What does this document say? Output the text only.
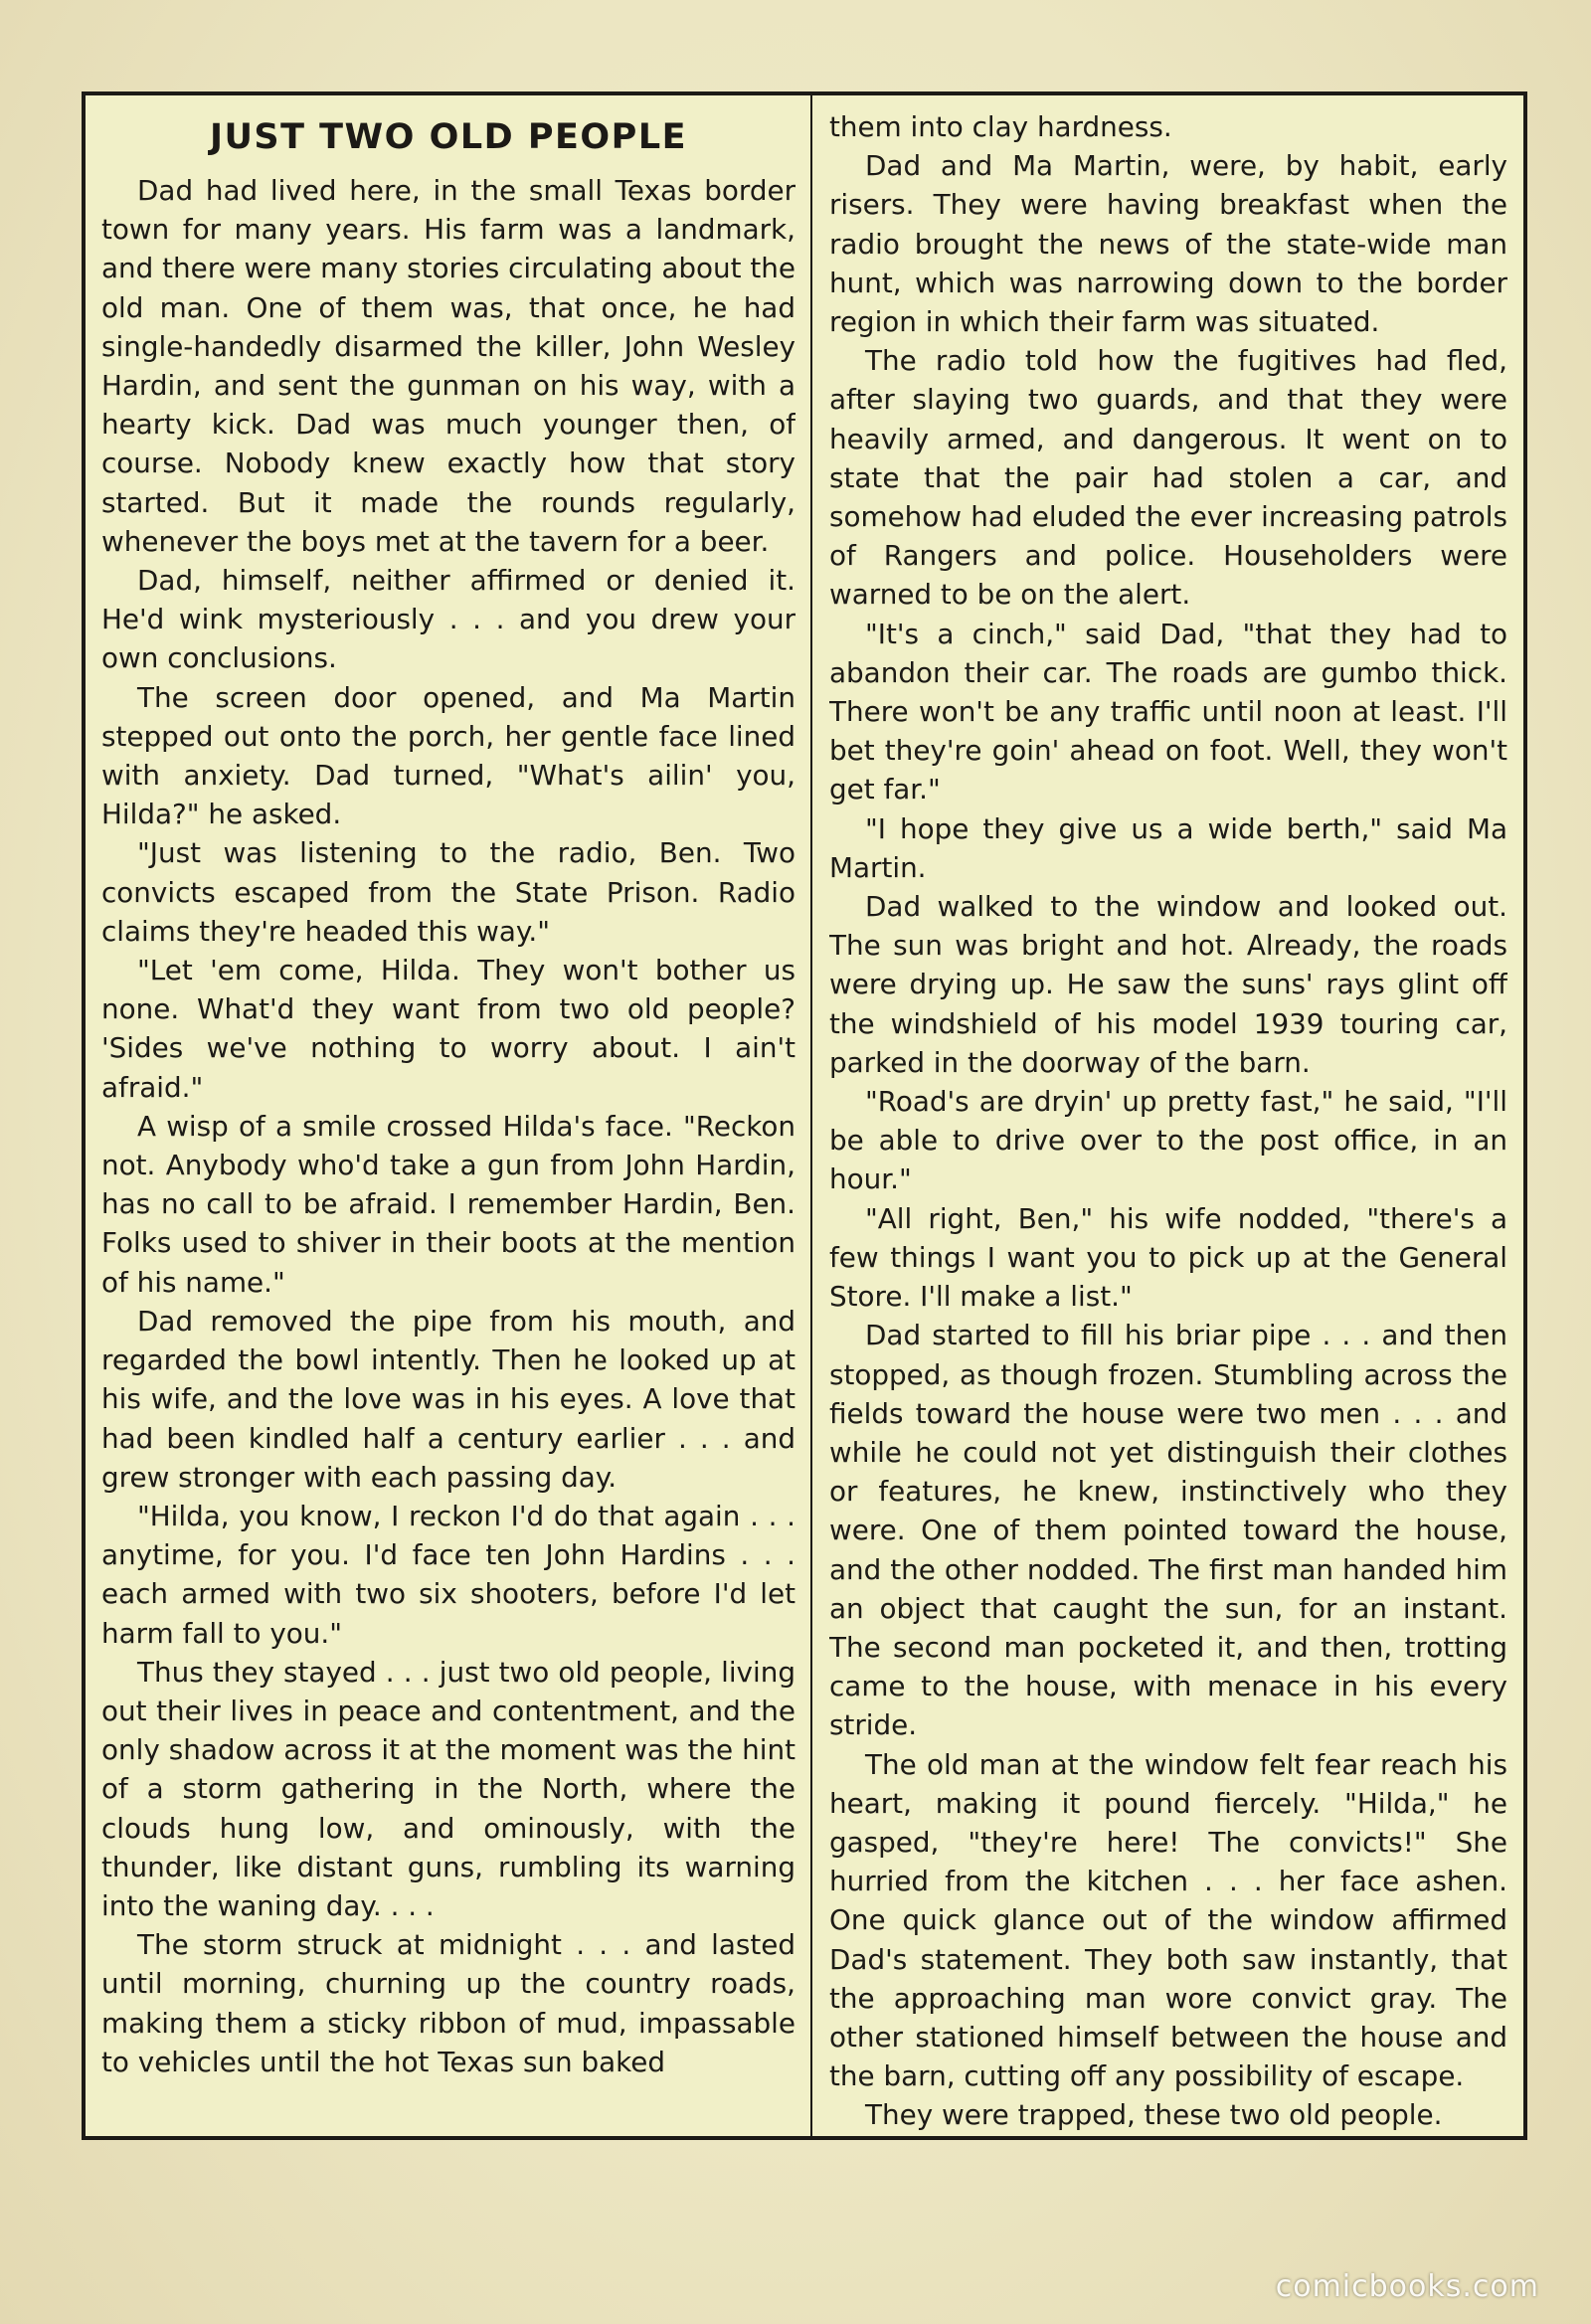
JUST TWO OLD PEOPLE

Dad had lived here, in the small Texas border town for many years. His farm was a landmark, and there were many stories circulating about the old man. One of them was, that once, he had single-handedly disarmed the killer, John Wesley Hardin, and sent the gunman on his way, with a hearty kick. Dad was much younger then, of course. Nobody knew exactly how that story started. But it made the rounds regularly, whenever the boys met at the tavern for a beer.

Dad, himself, neither affirmed or denied it. He'd wink mysteriously . . . and you drew your own conclusions.

The screen door opened, and Ma Martin stepped out onto the porch, her gentle face lined with anxiety. Dad turned, "What's ailin' you, Hilda?" he asked.

"Just was listening to the radio, Ben. Two convicts escaped from the State Prison. Radio claims they're headed this way."

"Let 'em come, Hilda. They won't bother us none. What'd they want from two old people? 'Sides we've nothing to worry about. I ain't afraid."

A wisp of a smile crossed Hilda's face. "Reckon not. Anybody who'd take a gun from John Hardin, has no call to be afraid. I remember Hardin, Ben. Folks used to shiver in their boots at the mention of his name."

Dad removed the pipe from his mouth, and regarded the bowl intently. Then he looked up at his wife, and the love was in his eyes. A love that had been kindled half a century earlier . . . and grew stronger with each passing day.

"Hilda, you know, I reckon I'd do that again . . . anytime, for you. I'd face ten John Hardins . . . each armed with two six shooters, before I'd let harm fall to you."

Thus they stayed . . . just two old people, living out their lives in peace and contentment, and the only shadow across it at the moment was the hint of a storm gathering in the North, where the clouds hung low, and ominously, with the thunder, like distant guns, rumbling its warning into the waning day. . . .

The storm struck at midnight . . . and lasted until morning, churning up the country roads, making them a sticky ribbon of mud, impassable to vehicles until the hot Texas sun baked

them into clay hardness.

Dad and Ma Martin, were, by habit, early risers. They were having breakfast when the radio brought the news of the state-wide man hunt, which was narrowing down to the border region in which their farm was situated.

The radio told how the fugitives had fled, after slaying two guards, and that they were heavily armed, and dangerous. It went on to state that the pair had stolen a car, and somehow had eluded the ever increasing patrols of Rangers and police. Householders were warned to be on the alert.

"It's a cinch," said Dad, "that they had to abandon their car. The roads are gumbo thick. There won't be any traffic until noon at least. I'll bet they're goin' ahead on foot. Well, they won't get far."

"I hope they give us a wide berth," said Ma Martin.

Dad walked to the window and looked out. The sun was bright and hot. Already, the roads were drying up. He saw the suns' rays glint off the windshield of his model 1939 touring car, parked in the doorway of the barn.

"Road's are dryin' up pretty fast," he said, "I'll be able to drive over to the post office, in an hour."

"All right, Ben," his wife nodded, "there's a few things I want you to pick up at the General Store. I'll make a list."

Dad started to fill his briar pipe . . . and then stopped, as though frozen. Stumbling across the fields toward the house were two men . . . and while he could not yet distinguish their clothes or features, he knew, instinctively who they were. One of them pointed toward the house, and the other nodded. The first man handed him an object that caught the sun, for an instant. The second man pocketed it, and then, trotting came to the house, with menace in his every stride.

The old man at the window felt fear reach his heart, making it pound fiercely. "Hilda," he gasped, "they're here! The convicts!" She hurried from the kitchen . . . her face ashen. One quick glance out of the window affirmed Dad's statement. They both saw instantly, that the approaching man wore convict gray. The other stationed himself between the house and the barn, cutting off any possibility of escape.

They were trapped, these two old people.

comicbooks.com
